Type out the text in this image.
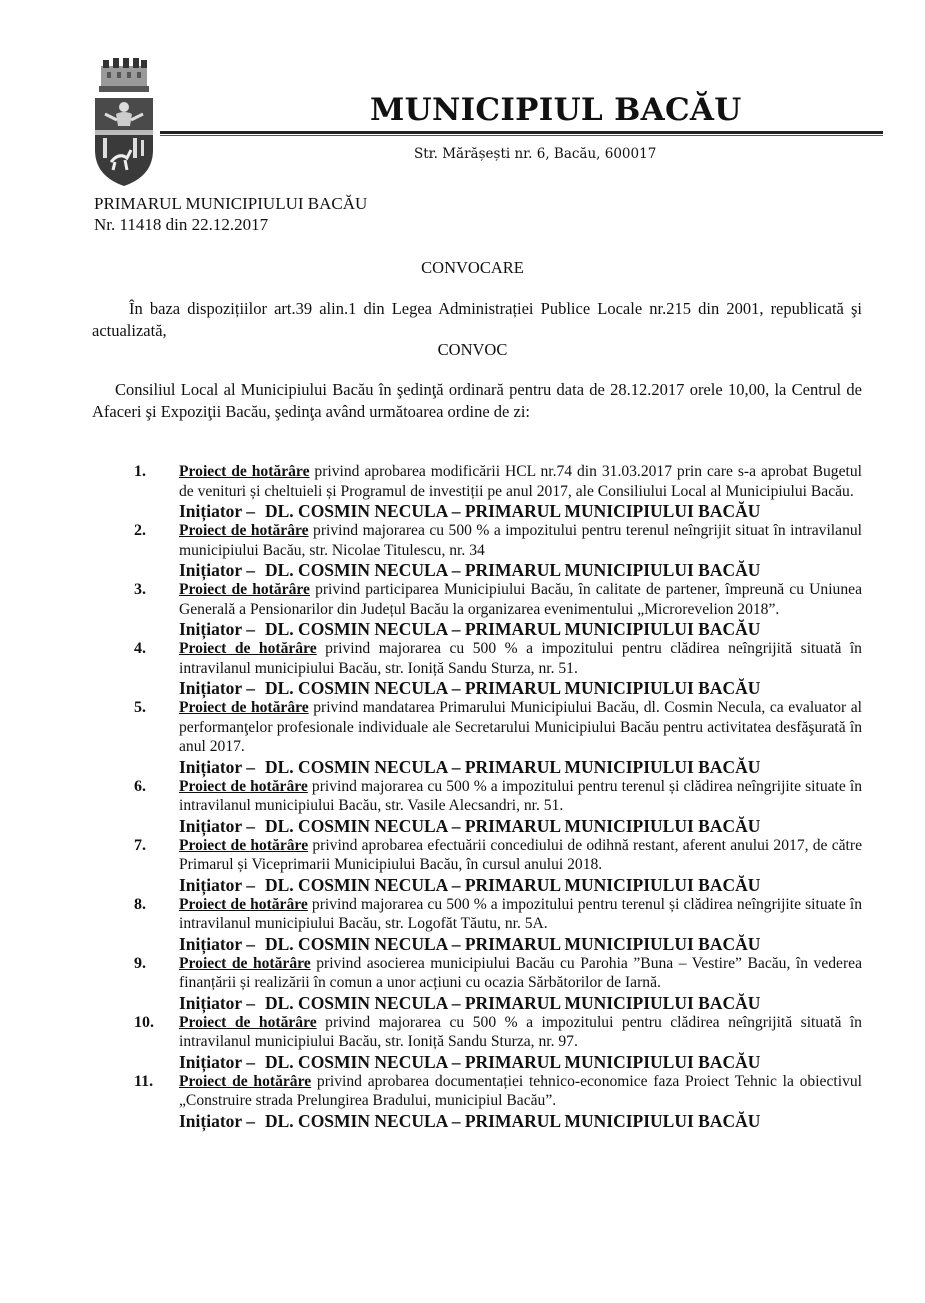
MUNICIPIUL BACĂU
Str. Mărășești nr. 6, Bacău, 600017
PRIMARUL MUNICIPIULUI BACĂU
Nr. 11418 din 22.12.2017
CONVOCARE
În baza dispozițiilor art.39 alin.1 din Legea Administrației Publice Locale nr.215 din 2001, republicată şi actualizată,
CONVOC
Consiliul Local al Municipiului Bacău în şedinţă ordinară pentru data de 28.12.2017 orele 10,00, la Centrul de Afaceri şi Expoziţii Bacău, şedinţa având următoarea ordine de zi:
1. Proiect de hotărâre privind aprobarea modificării HCL nr.74 din 31.03.2017 prin care s-a aprobat Bugetul de venituri și cheltuieli și Programul de investiții pe anul 2017, ale Consiliului Local al Municipiului Bacău.
Inițiator – DL. COSMIN NECULA – PRIMARUL MUNICIPIULUI BACĂU
2. Proiect de hotărâre privind majorarea cu 500 % a impozitului pentru terenul neîngrijit situat în intravilanul municipiului Bacău, str. Nicolae Titulescu, nr. 34
Inițiator – DL. COSMIN NECULA – PRIMARUL MUNICIPIULUI BACĂU
3. Proiect de hotărâre privind participarea Municipiului Bacău, în calitate de partener, împreună cu Uniunea Generală a Pensionarilor din Județul Bacău la organizarea evenimentului „Microrevelion 2018”.
Inițiator – DL. COSMIN NECULA – PRIMARUL MUNICIPIULUI BACĂU
4. Proiect de hotărâre privind majorarea cu 500 % a impozitului pentru clădirea neîngrijită situată în intravilanul municipiului Bacău, str. Ioniță Sandu Sturza, nr. 51.
Inițiator – DL. COSMIN NECULA – PRIMARUL MUNICIPIULUI BACĂU
5. Proiect de hotărâre privind mandatarea Primarului Municipiului Bacău, dl. Cosmin Necula, ca evaluator al performanţelor profesionale individuale ale Secretarului Municipiului Bacău pentru activitatea desfăşurată în anul 2017.
Inițiator – DL. COSMIN NECULA – PRIMARUL MUNICIPIULUI BACĂU
6. Proiect de hotărâre privind majorarea cu 500 % a impozitului pentru terenul și clădirea neîngrijite situate în intravilanul municipiului Bacău, str. Vasile Alecsandri, nr. 51.
Inițiator – DL. COSMIN NECULA – PRIMARUL MUNICIPIULUI BACĂU
7. Proiect de hotărâre privind aprobarea efectuării concediului de odihnă restant, aferent anului 2017, de către Primarul și Viceprimarii Municipiului Bacău, în cursul anului 2018.
Inițiator – DL. COSMIN NECULA – PRIMARUL MUNICIPIULUI BACĂU
8. Proiect de hotărâre privind majorarea cu 500 % a impozitului pentru terenul și clădirea neîngrijite situate în intravilanul municipiului Bacău, str. Logofăt Tăutu, nr. 5A.
Inițiator – DL. COSMIN NECULA – PRIMARUL MUNICIPIULUI BACĂU
9. Proiect de hotărâre privind asocierea municipiului Bacău cu Parohia ”Buna – Vestire” Bacău, în vederea finanțării și realizării în comun a unor acțiuni cu ocazia Sărbătorilor de Iarnă.
Inițiator – DL. COSMIN NECULA – PRIMARUL MUNICIPIULUI BACĂU
10. Proiect de hotărâre privind majorarea cu 500 % a impozitului pentru clădirea neîngrijită situată în intravilanul municipiului Bacău, str. Ioniță Sandu Sturza, nr. 97.
Inițiator – DL. COSMIN NECULA – PRIMARUL MUNICIPIULUI BACĂU
11. Proiect de hotărâre privind aprobarea documentației tehnico-economice faza Proiect Tehnic la obiectivul „Construire strada Prelungirea Bradului, municipiul Bacău”.
Inițiator – DL. COSMIN NECULA – PRIMARUL MUNICIPIULUI BACĂU
